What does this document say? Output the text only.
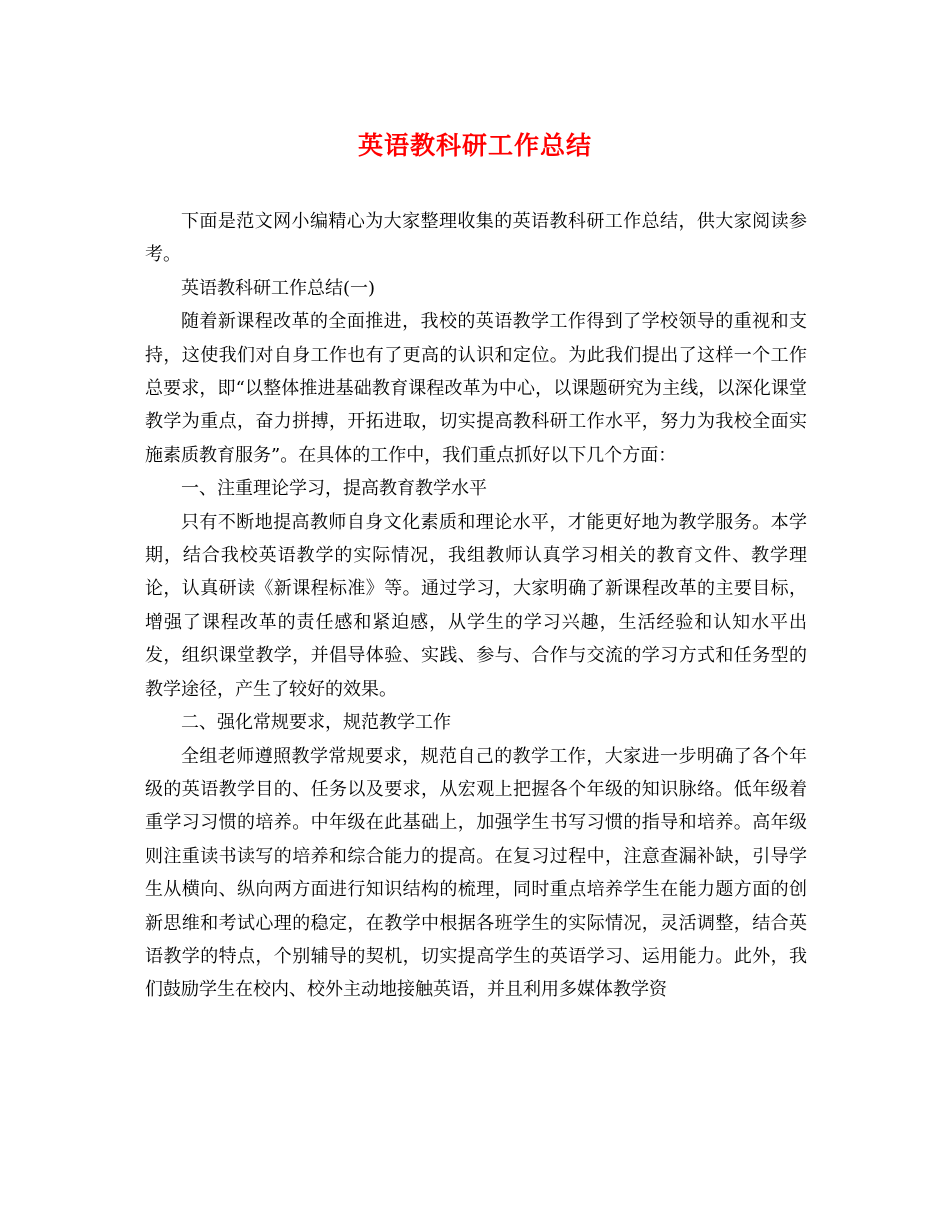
英语教科研工作总结

下面是范文网小编精心为大家整理收集的英语教科研工作总结，供大家阅读参考。

英语教科研工作总结(一)

随着新课程改革的全面推进，我校的英语教学工作得到了学校领导的重视和支持，这使我们对自身工作也有了更高的认识和定位。为此我们提出了这样一个工作总要求，即“以整体推进基础教育课程改革为中心，以课题研究为主线，以深化课堂教学为重点，奋力拼搏，开拓进取，切实提高教科研工作水平，努力为我校全面实施素质教育服务”。在具体的工作中，我们重点抓好以下几个方面：

一、注重理论学习，提高教育教学水平

只有不断地提高教师自身文化素质和理论水平，才能更好地为教学服务。本学期，结合我校英语教学的实际情况，我组教师认真学习相关的教育文件、教学理论，认真研读《新课程标准》等。通过学习，大家明确了新课程改革的主要目标，增强了课程改革的责任感和紧迫感，从学生的学习兴趣，生活经验和认知水平出发，组织课堂教学，并倡导体验、实践、参与、合作与交流的学习方式和任务型的教学途径，产生了较好的效果。

二、强化常规要求，规范教学工作

全组老师遵照教学常规要求，规范自己的教学工作，大家进一步明确了各个年级的英语教学目的、任务以及要求，从宏观上把握各个年级的知识脉络。低年级着重学习习惯的培养。中年级在此基础上，加强学生书写习惯的指导和培养。高年级则注重读书读写的培养和综合能力的提高。在复习过程中，注意查漏补缺，引导学生从横向、纵向两方面进行知识结构的梳理，同时重点培养学生在能力题方面的创新思维和考试心理的稳定，在教学中根据各班学生的实际情况，灵活调整，结合英语教学的特点，个别辅导的契机，切实提高学生的英语学习、运用能力。此外，我们鼓励学生在校内、校外主动地接触英语，并且利用多媒体教学资
